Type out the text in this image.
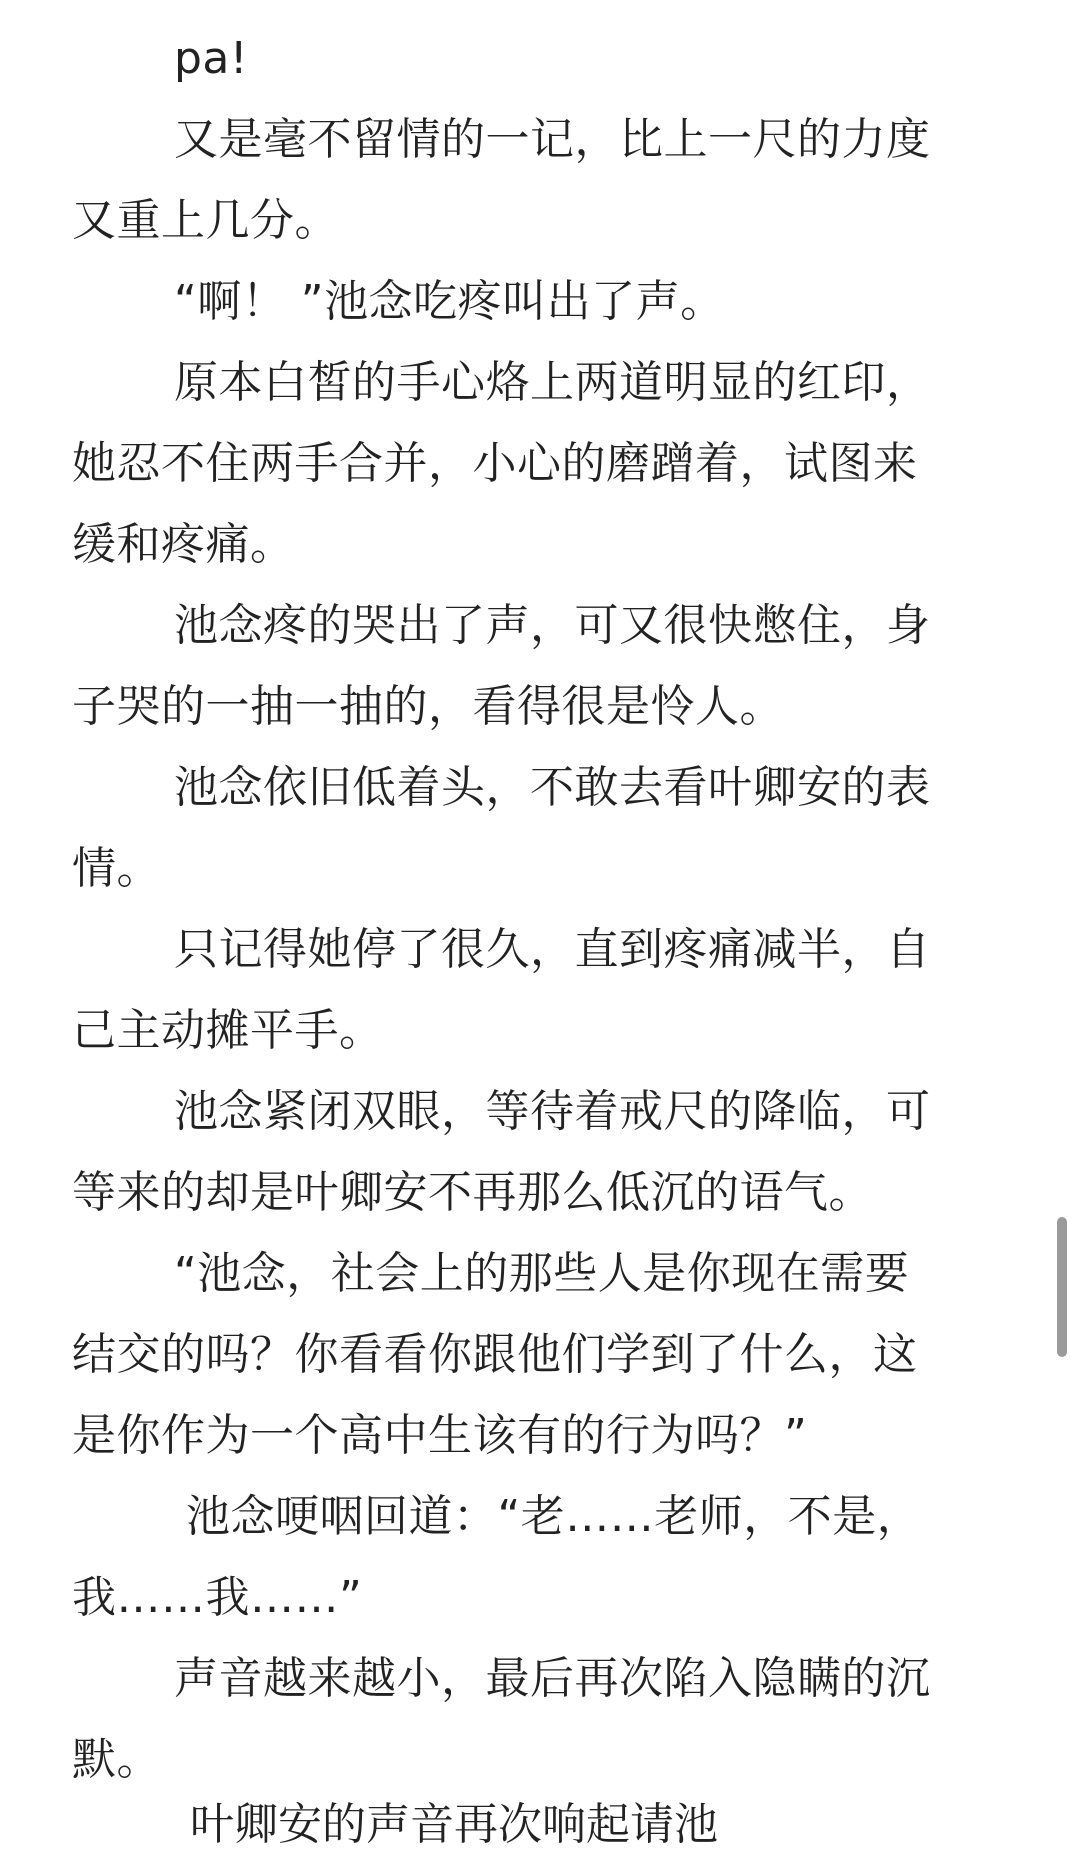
pa!
又是毫不留情的一记，比上一尺的力度
又重上几分。
“啊！ ”池念吃疼叫出了声。
原本白皙的手心烙上两道明显的红印，
她忍不住两手合并，小心的磨蹭着，试图来
缓和疼痛。
池念疼的哭出了声，可又很快憋住，身
子哭的一抽一抽的，看得很是怜人。
池念依旧低着头，不敢去看叶卿安的表
情。
只记得她停了很久，直到疼痛减半，自
己主动摊平手。
池念紧闭双眼，等待着戒尺的降临，可
等来的却是叶卿安不再那么低沉的语气。
“池念，社会上的那些人是你现在需要
结交的吗？你看看你跟他们学到了什么，这
是你作为一个高中生该有的行为吗？”
池念哽咽回道：“老……老师，不是，
我……我……”
声音越来越小，最后再次陷入隐瞒的沉
默。
叶卿安的声音再次响起请池
